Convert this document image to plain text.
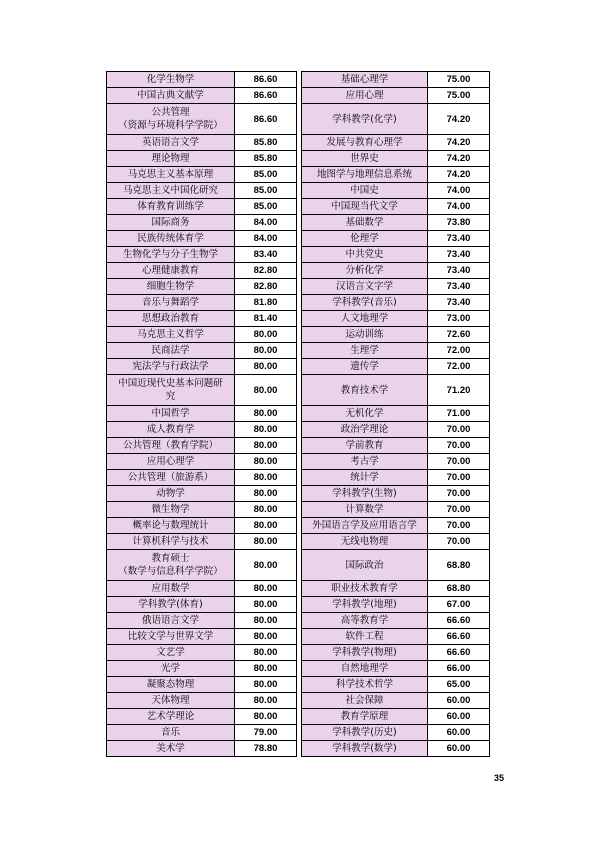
化学生物学	86.60		基础心理学	75.00
中国古典文献学	86.60		应用心理	75.00
公共管理
（资源与环境科学学院）	86.60		学科教学(化学)	74.20
英语语言文学	85.80		发展与教育心理学	74.20
理论物理	85.80		世界史	74.20
马克思主义基本原理	85.00		地图学与地理信息系统	74.20
马克思主义中国化研究	85.00		中国史	74.00
体育教育训练学	85.00		中国现当代文学	74.00
国际商务	84.00		基础数学	73.80
民族传统体育学	84.00		伦理学	73.40
生物化学与分子生物学	83.40		中共党史	73.40
心理健康教育	82.80		分析化学	73.40
细胞生物学	82.80		汉语言文字学	73.40
音乐与舞蹈学	81.80		学科教学(音乐)	73.40
思想政治教育	81.40		人文地理学	73.00
马克思主义哲学	80.00		运动训练	72.60
民商法学	80.00		生理学	72.00
宪法学与行政法学	80.00		遗传学	72.00
中国近现代史基本问题研
究	80.00		教育技术学	71.20
中国哲学	80.00		无机化学	71.00
成人教育学	80.00		政治学理论	70.00
公共管理（教育学院）	80.00		学前教育	70.00
应用心理学	80.00		考古学	70.00
公共管理（旅游系）	80.00		统计学	70.00
动物学	80.00		学科教学(生物)	70.00
微生物学	80.00		计算数学	70.00
概率论与数理统计	80.00		外国语言学及应用语言学	70.00
计算机科学与技术	80.00		无线电物理	70.00
教育硕士
（数学与信息科学学院）	80.00		国际政治	68.80
应用数学	80.00		职业技术教育学	68.80
学科教学(体育)	80.00		学科教学(地理)	67.00
俄语语言文学	80.00		高等教育学	66.60
比较文学与世界文学	80.00		软件工程	66.60
文艺学	80.00		学科教学(物理)	66.60
光学	80.00		自然地理学	66.00
凝聚态物理	80.00		科学技术哲学	65.00
天体物理	80.00		社会保障	60.00
艺术学理论	80.00		教育学原理	60.00
音乐	79.00		学科教学(历史)	60.00
美术学	78.80		学科教学(数学)	60.00
35
